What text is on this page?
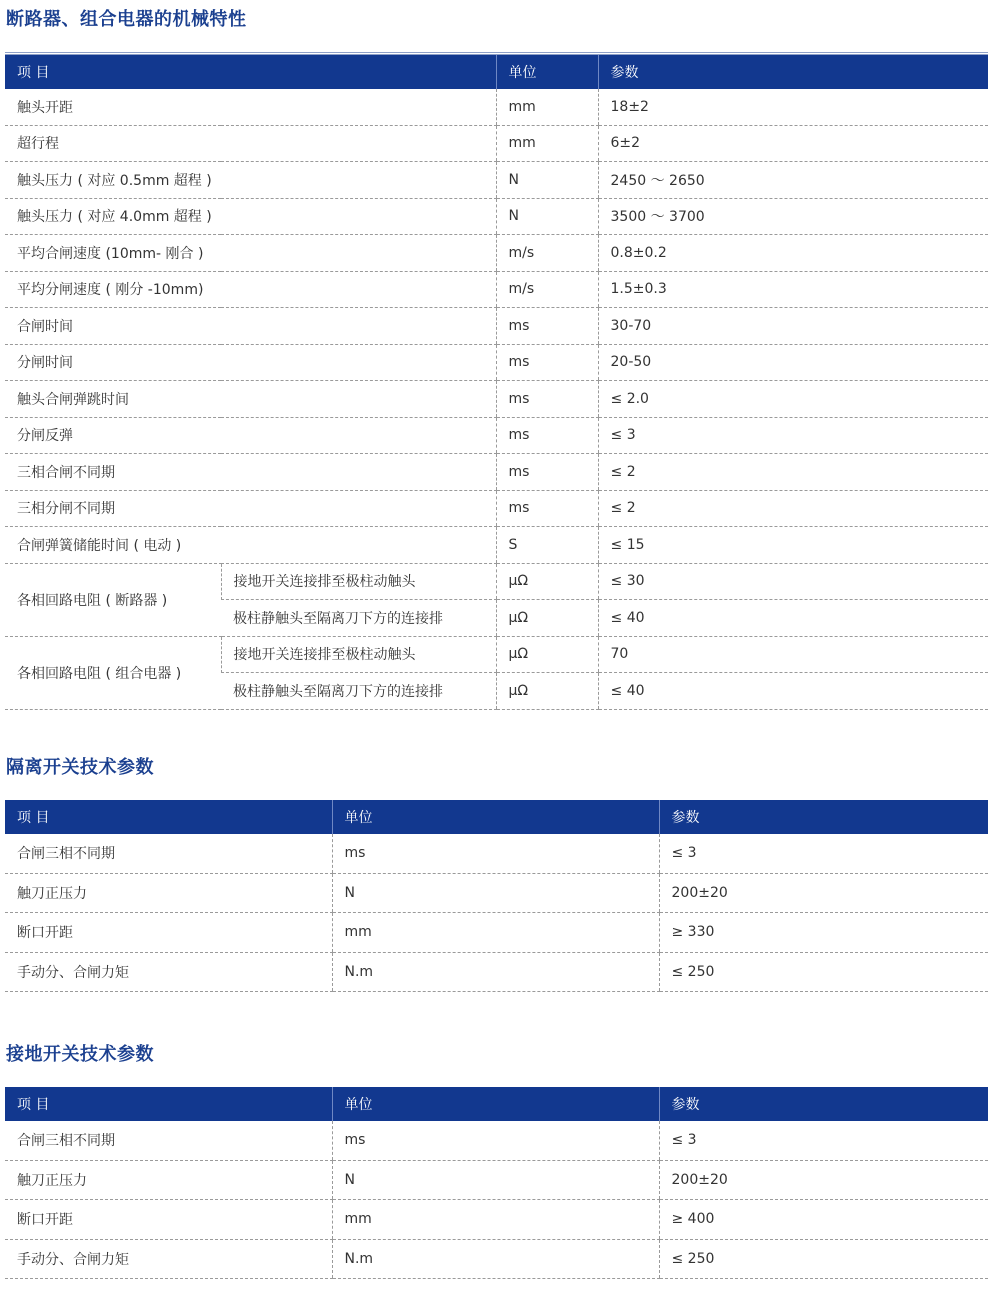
断路器、组合电器的机械特性
项 目		单位	参数
触头开距		mm	18±2
超行程		mm	6±2
触头压力 ( 对应 0.5mm 超程 )		N	2450 ～ 2650
触头压力 ( 对应 4.0mm 超程 )		N	3500 ～ 3700
平均合闸速度 (10mm- 刚合 )		m/s	0.8±0.2
平均分闸速度 ( 刚分 -10mm)		m/s	1.5±0.3
合闸时间		ms	30-70
分闸时间		ms	20-50
触头合闸弹跳时间		ms	≤ 2.0
分闸反弹		ms	≤ 3
三相合闸不同期		ms	≤ 2
三相分闸不同期		ms	≤ 2
合闸弹簧储能时间 ( 电动 )		S	≤ 15
各相回路电阻 ( 断路器 )	接地开关连接排至极柱动触头	μΩ	≤ 30
	极柱静触头至隔离刀下方的连接排	μΩ	≤ 40
各相回路电阻 ( 组合电器 )	接地开关连接排至极柱动触头	μΩ	70
	极柱静触头至隔离刀下方的连接排	μΩ	≤ 40
隔离开关技术参数
项 目	单位	参数
合闸三相不同期	ms	≤ 3
触刀正压力	N	200±20
断口开距	mm	≥ 330
手动分、合闸力矩	N.m	≤ 250
接地开关技术参数
项 目	单位	参数
合闸三相不同期	ms	≤ 3
触刀正压力	N	200±20
断口开距	mm	≥ 400
手动分、合闸力矩	N.m	≤ 250
